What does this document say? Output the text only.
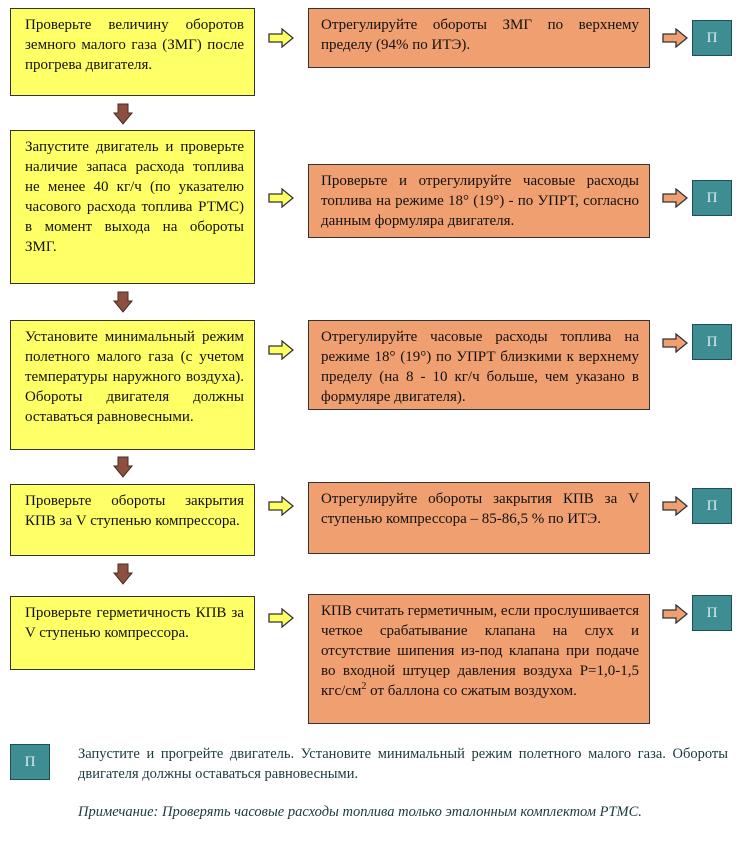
Проверьте величину оборотов земного малого газа (ЗМГ) после прогрева двигателя.
Отрегулируйте обороты ЗМГ по верхнему пределу (94% по ИТЭ).	П
Запустите двигатель и проверьте наличие запаса расхода топлива не менее 40 кг/ч (по указателю часового расхода топлива РТМС) в момент выхода на обороты ЗМГ.
Проверьте и отрегулируйте часовые расходы топлива на режиме 18° (19°) - по УПРТ, согласно данным формуляра двигателя.
П
Установите минимальный режим полетного малого газа (с учетом температуры наружного воздуха). Обороты двигателя должны оставаться равновесными.
Отрегулируйте часовые расходы топлива на режиме 18° (19°) по УПРТ близкими к верхнему пределу (на 8 - 10 кг/ч больше, чем указано в формуляре двигателя).
П
Проверьте обороты закрытия КПВ за V ступенью компрессора.
Отрегулируйте обороты закрытия КПВ за V ступенью компрессора – 85-86,5 % по ИТЭ.
П
Проверьте герметичность КПВ за V ступенью компрессора.
КПВ считать герметичным, если прослушивается четкое срабатывание клапана на слух и отсутствие шипения из-под клапана при подаче во входной штуцер давления воздуха Р=1,0-1,5 кгс/$см^2$ от баллона со сжатым воздухом.
П
П	Запустите и прогрейте двигатель. Установите минимальный режим полетного малого газа. Обороты двигателя должны оставаться равновесными.
Примечание: Проверять часовые расходы топлива только эталонным комплектом РТМС.
